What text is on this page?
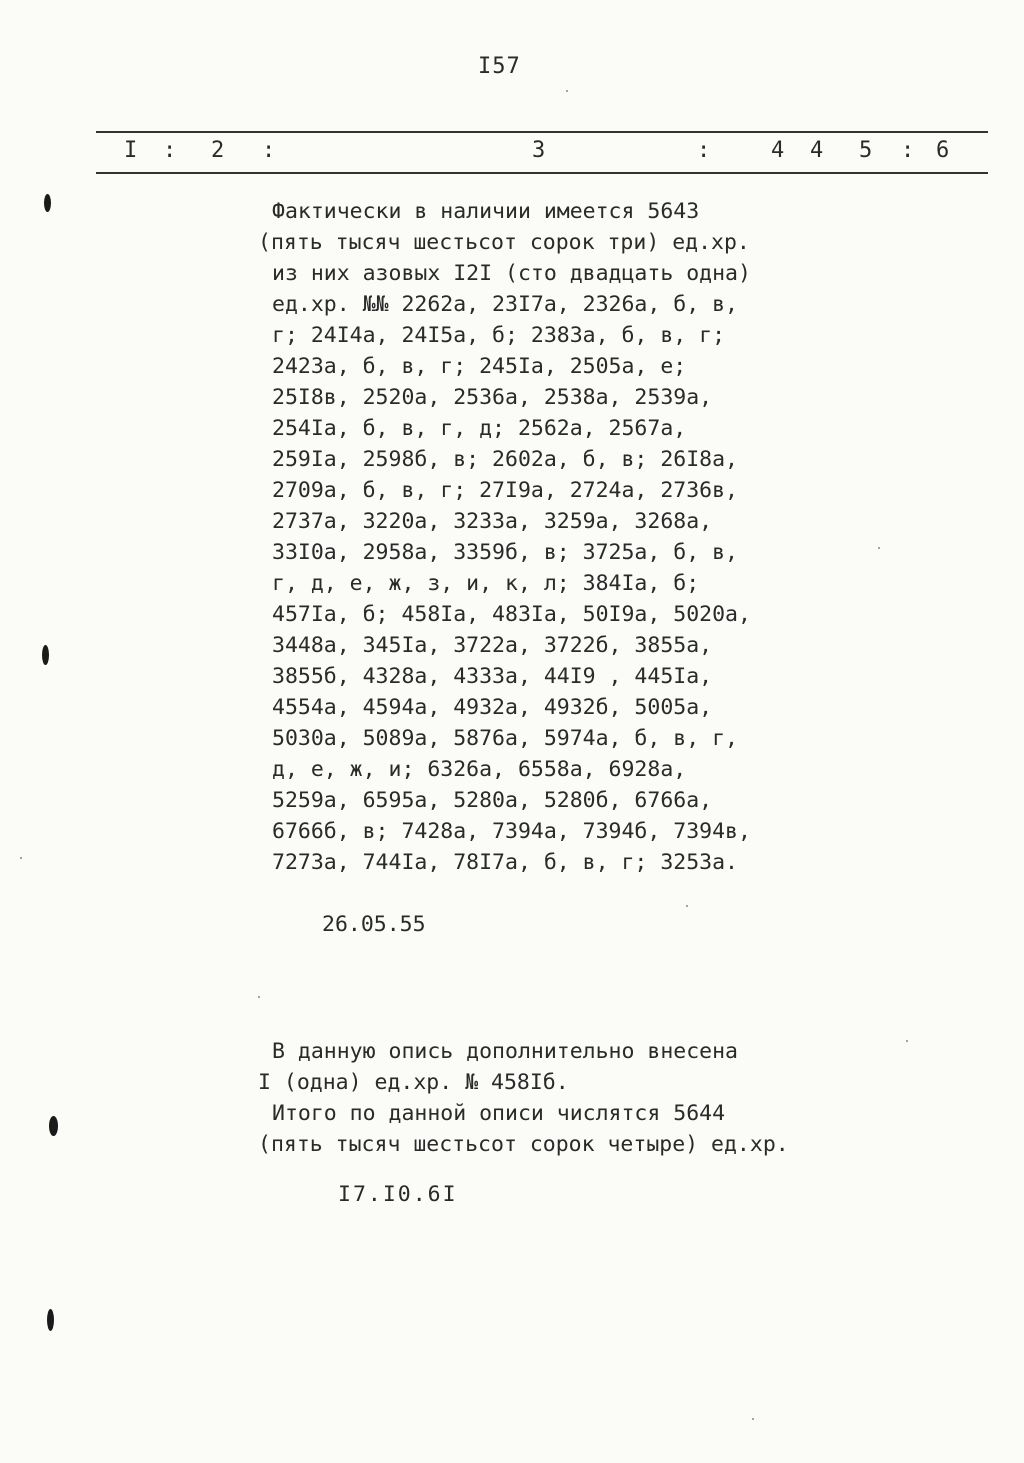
I57
I : 2 :	3	:	4 4 5 : 6
Фактически в наличии имеется 5643
(пять тысяч шестьсот сорок три) ед.хр.
из них азовых I2I (сто двадцать одна)
ед.хр. №№ 2262а, 23I7а, 2326а, б, в,
г; 24I4а, 24I5а, б; 2383а, б, в, г;
2423а, б, в, г; 245Iа, 2505а, е;
25I8в, 2520а, 2536а, 2538а, 2539а,
254Iа, б, в, г, д; 2562а, 2567а,
259Iа, 2598б, в; 2602а, б, в; 26I8а,
2709а, б, в, г; 27I9а, 2724а, 2736в,
2737а, 3220а, 3233а, 3259а, 3268а,
33I0а, 2958а, 3359б, в; 3725а, б, в,
г, д, е, ж, з, и, к, л; 384Iа, б;
457Iа, б; 458Iа, 483Iа, 50I9а, 5020а,
3448а, 345Iа, 3722а, 3722б, 3855а,
3855б, 4328а, 4333а, 44I9 , 445Iа,
4554а, 4594а, 4932а, 4932б, 5005а,
5030а, 5089а, 5876а, 5974а, б, в, г,
д, е, ж, и; 6326а, 6558а, 6928а,
5259а, 6595а, 5280а, 5280б, 6766а,
6766б, в; 7428а, 7394а, 7394б, 7394в,
7273а, 744Iа, 78I7а, б, в, г; 3253а.
26.05.55
В данную опись дополнительно внесена
I (одна) ед.хр. № 458Iб.
Итого по данной описи числятся 5644
(пять тысяч шестьсот сорок четыре) ед.хр.
I7.I0.6I
